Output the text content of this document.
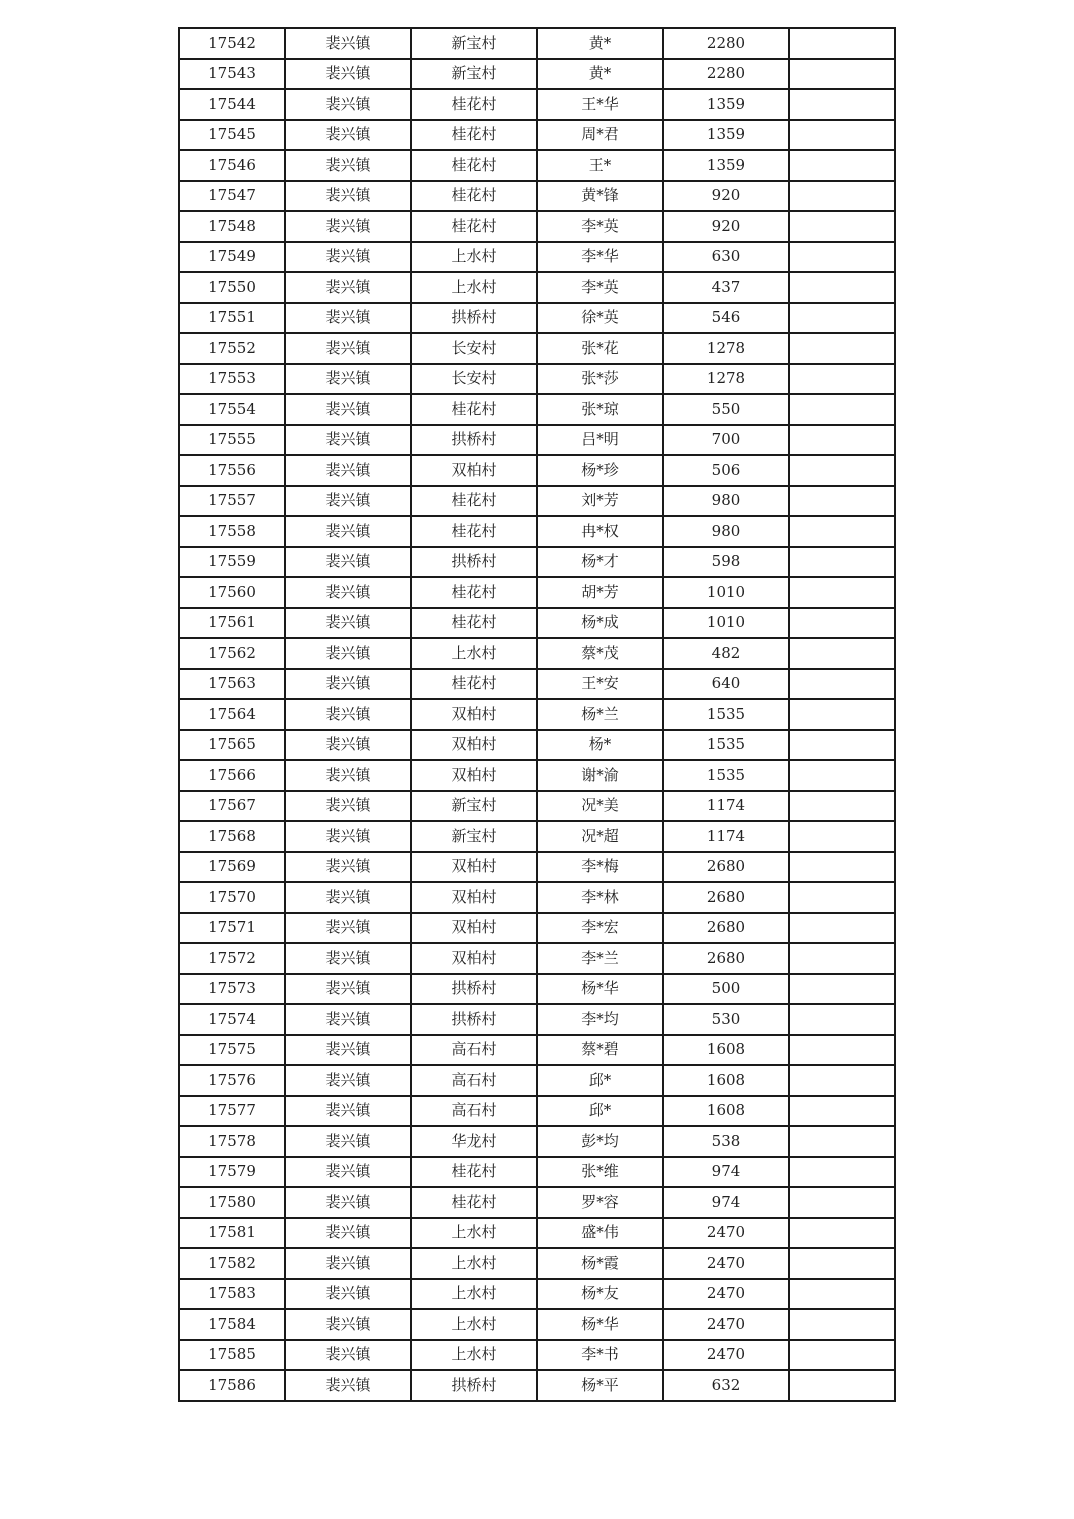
17542	裴兴镇	新宝村	黄*	2280	
17543	裴兴镇	新宝村	黄*	2280	
17544	裴兴镇	桂花村	王*华	1359	
17545	裴兴镇	桂花村	周*君	1359	
17546	裴兴镇	桂花村	王*	1359	
17547	裴兴镇	桂花村	黄*锋	920	
17548	裴兴镇	桂花村	李*英	920	
17549	裴兴镇	上水村	李*华	630	
17550	裴兴镇	上水村	李*英	437	
17551	裴兴镇	拱桥村	徐*英	546	
17552	裴兴镇	长安村	张*花	1278	
17553	裴兴镇	长安村	张*莎	1278	
17554	裴兴镇	桂花村	张*琼	550	
17555	裴兴镇	拱桥村	吕*明	700	
17556	裴兴镇	双柏村	杨*珍	506	
17557	裴兴镇	桂花村	刘*芳	980	
17558	裴兴镇	桂花村	冉*权	980	
17559	裴兴镇	拱桥村	杨*才	598	
17560	裴兴镇	桂花村	胡*芳	1010	
17561	裴兴镇	桂花村	杨*成	1010	
17562	裴兴镇	上水村	蔡*茂	482	
17563	裴兴镇	桂花村	王*安	640	
17564	裴兴镇	双柏村	杨*兰	1535	
17565	裴兴镇	双柏村	杨*	1535	
17566	裴兴镇	双柏村	谢*渝	1535	
17567	裴兴镇	新宝村	况*美	1174	
17568	裴兴镇	新宝村	况*超	1174	
17569	裴兴镇	双柏村	李*梅	2680	
17570	裴兴镇	双柏村	李*林	2680	
17571	裴兴镇	双柏村	李*宏	2680	
17572	裴兴镇	双柏村	李*兰	2680	
17573	裴兴镇	拱桥村	杨*华	500	
17574	裴兴镇	拱桥村	李*均	530	
17575	裴兴镇	高石村	蔡*碧	1608	
17576	裴兴镇	高石村	邱*	1608	
17577	裴兴镇	高石村	邱*	1608	
17578	裴兴镇	华龙村	彭*均	538	
17579	裴兴镇	桂花村	张*维	974	
17580	裴兴镇	桂花村	罗*容	974	
17581	裴兴镇	上水村	盛*伟	2470	
17582	裴兴镇	上水村	杨*霞	2470	
17583	裴兴镇	上水村	杨*友	2470	
17584	裴兴镇	上水村	杨*华	2470	
17585	裴兴镇	上水村	李*书	2470	
17586	裴兴镇	拱桥村	杨*平	632	
